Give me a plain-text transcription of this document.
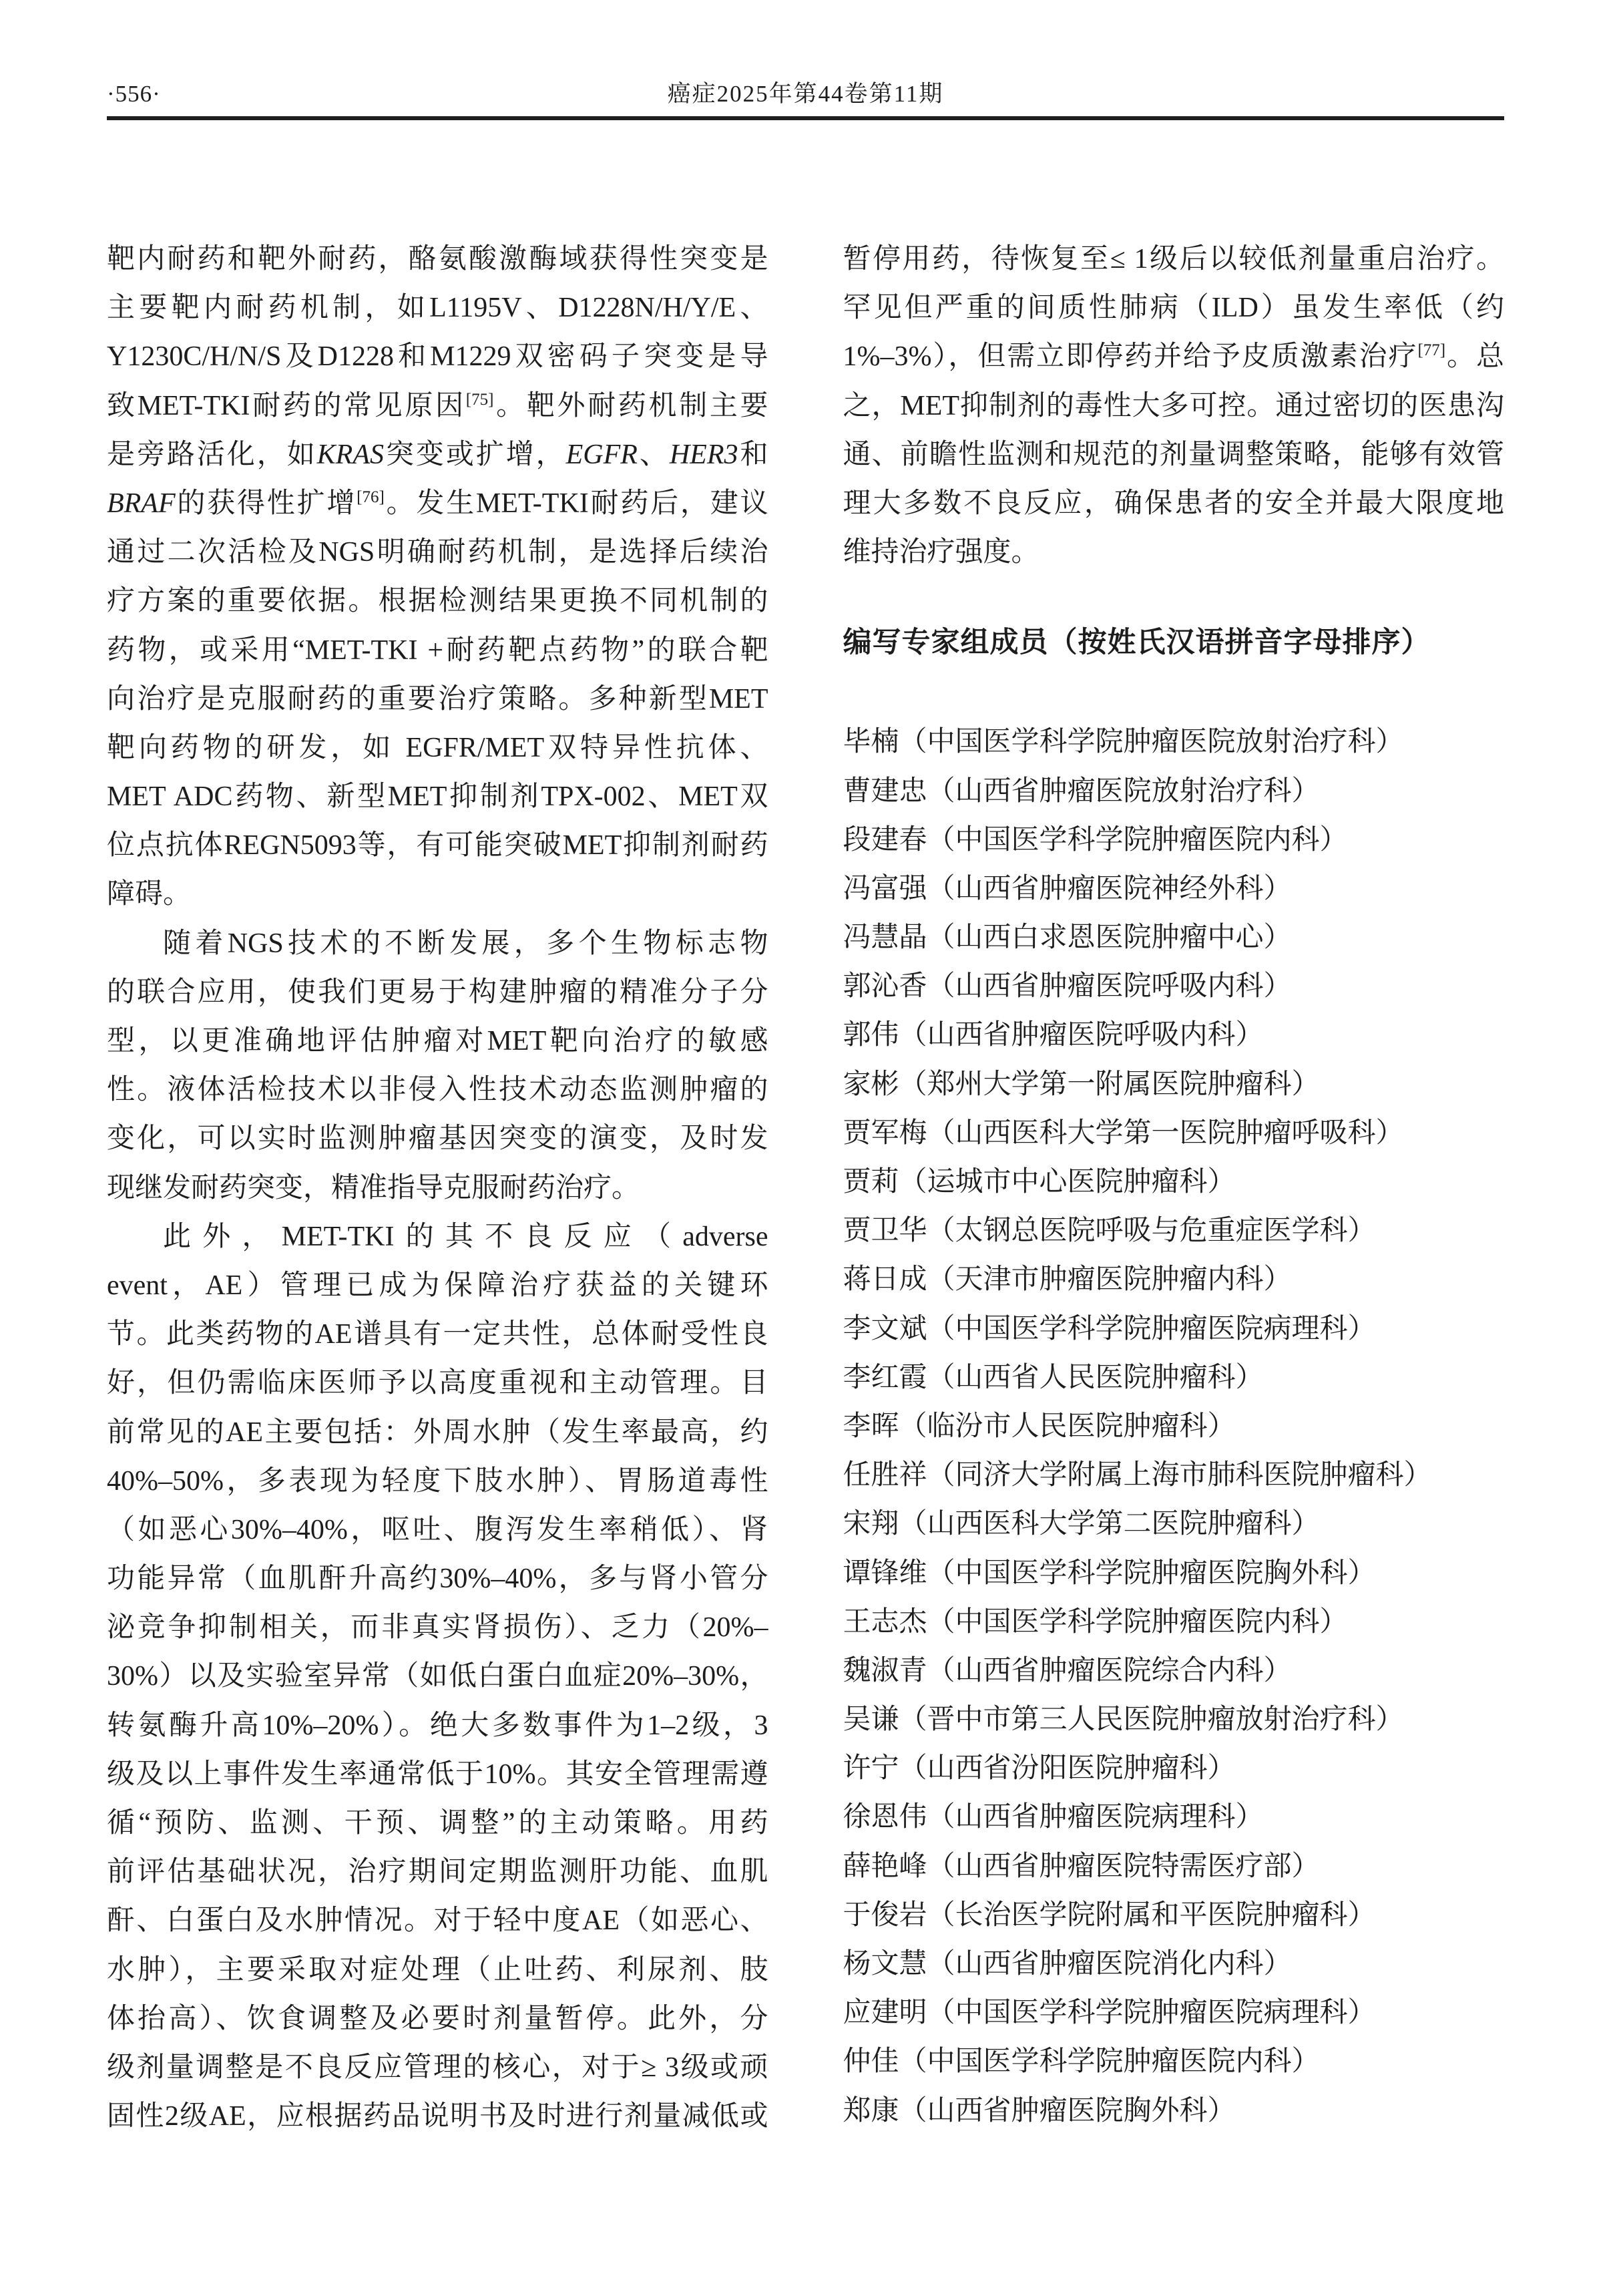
·556·	癌症2025年第44卷第11期
靶内耐药和靶外耐药，酪氨酸激酶域获得性突变是
主要靶内耐药机制，如L1195V、D1228N/H/Y/E、
Y1230C/H/N/S及D1228和M1229双密码子突变是导
致MET-TKI耐药的常见原因[75]。靶外耐药机制主要
是旁路活化，如KRAS突变或扩增，EGFR、HER3和
BRAF的获得性扩增[76]。发生MET-TKI耐药后，建议
通过二次活检及NGS明确耐药机制，是选择后续治
疗方案的重要依据。根据检测结果更换不同机制的
药物，或采用“MET-TKI +耐药靶点药物”的联合靶
向治疗是克服耐药的重要治疗策略。多种新型MET
靶向药物的研发，如 EGFR/MET双特异性抗体、
MET ADC药物、新型MET抑制剂TPX-002、MET双
位点抗体REGN5093等，有可能突破MET抑制剂耐药
障碍。
随着NGS技术的不断发展，多个生物标志物
的联合应用，使我们更易于构建肿瘤的精准分子分
型，以更准确地评估肿瘤对MET靶向治疗的敏感
性。液体活检技术以非侵入性技术动态监测肿瘤的
变化，可以实时监测肿瘤基因突变的演变，及时发
现继发耐药突变，精准指导克服耐药治疗。
此外，MET-TKI的其不良反应（adverse
event，AE）管理已成为保障治疗获益的关键环
节。此类药物的AE谱具有一定共性，总体耐受性良
好，但仍需临床医师予以高度重视和主动管理。目
前常见的AE主要包括：外周水肿（发生率最高，约
40%–50%，多表现为轻度下肢水肿）、胃肠道毒性
（如恶心30%–40%，呕吐、腹泻发生率稍低）、肾
功能异常（血肌酐升高约30%–40%，多与肾小管分
泌竞争抑制相关，而非真实肾损伤）、乏力（20%–
30%）以及实验室异常（如低白蛋白血症20%–30%，
转氨酶升高10%–20%）。绝大多数事件为1–2级，3
级及以上事件发生率通常低于10%。其安全管理需遵
循“预防、监测、干预、调整”的主动策略。用药
前评估基础状况，治疗期间定期监测肝功能、血肌
酐、白蛋白及水肿情况。对于轻中度AE（如恶心、
水肿），主要采取对症处理（止吐药、利尿剂、肢
体抬高）、饮食调整及必要时剂量暂停。此外，分
级剂量调整是不良反应管理的核心，对于≥ 3级或顽
固性2级AE，应根据药品说明书及时进行剂量减低或
暂停用药，待恢复至≤ 1级后以较低剂量重启治疗。
罕见但严重的间质性肺病（ILD）虽发生率低（约
1%–3%），但需立即停药并给予皮质激素治疗[77]。总
之，MET抑制剂的毒性大多可控。通过密切的医患沟
通、前瞻性监测和规范的剂量调整策略，能够有效管
理大多数不良反应，确保患者的安全并最大限度地
维持治疗强度。
编写专家组成员（按姓氏汉语拼音字母排序）
毕楠（中国医学科学院肿瘤医院放射治疗科）
曹建忠（山西省肿瘤医院放射治疗科）
段建春（中国医学科学院肿瘤医院内科）
冯富强（山西省肿瘤医院神经外科）
冯慧晶（山西白求恩医院肿瘤中心）
郭沁香（山西省肿瘤医院呼吸内科）
郭伟（山西省肿瘤医院呼吸内科）
家彬（郑州大学第一附属医院肿瘤科）
贾军梅（山西医科大学第一医院肿瘤呼吸科）
贾莉（运城市中心医院肿瘤科）
贾卫华（太钢总医院呼吸与危重症医学科）
蒋日成（天津市肿瘤医院肿瘤内科）
李文斌（中国医学科学院肿瘤医院病理科）
李红霞（山西省人民医院肿瘤科）
李晖（临汾市人民医院肿瘤科）
任胜祥（同济大学附属上海市肺科医院肿瘤科）
宋翔（山西医科大学第二医院肿瘤科）
谭锋维（中国医学科学院肿瘤医院胸外科）
王志杰（中国医学科学院肿瘤医院内科）
魏淑青（山西省肿瘤医院综合内科）
吴谦（晋中市第三人民医院肿瘤放射治疗科）
许宁（山西省汾阳医院肿瘤科）
徐恩伟（山西省肿瘤医院病理科）
薛艳峰（山西省肿瘤医院特需医疗部）
于俊岩（长治医学院附属和平医院肿瘤科）
杨文慧（山西省肿瘤医院消化内科）
应建明（中国医学科学院肿瘤医院病理科）
仲佳（中国医学科学院肿瘤医院内科）
郑康（山西省肿瘤医院胸外科）
